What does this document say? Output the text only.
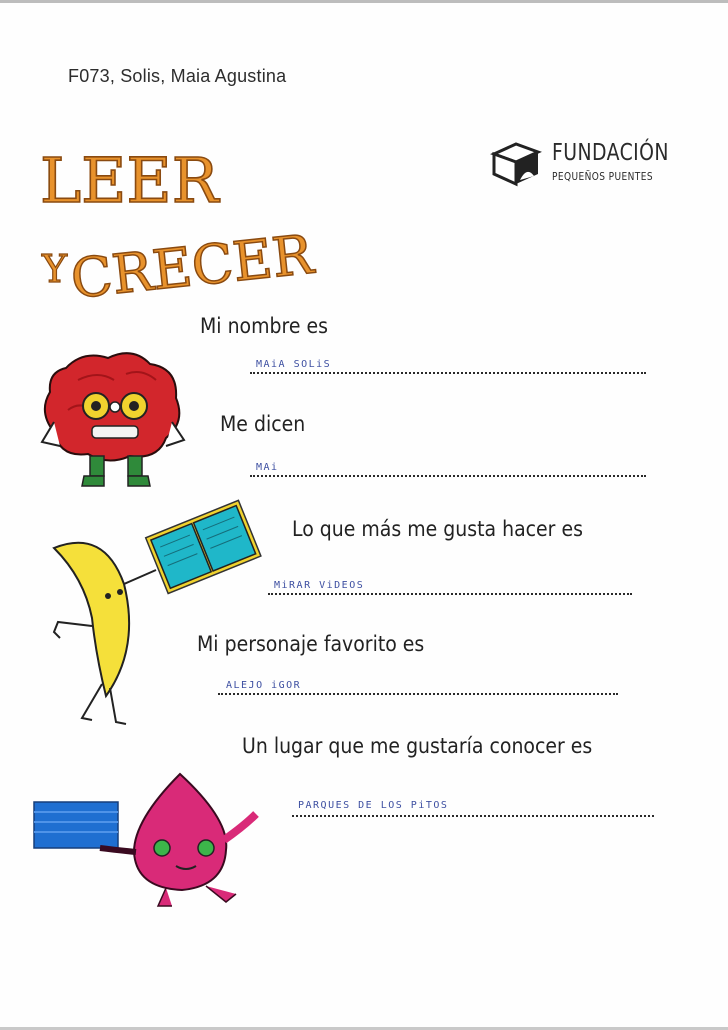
F073, Solis, Maia Agustina
LEER
Y CRECER
FUNDACIÓN
PEQUEÑOS PUENTES
Mi nombre es
MAiA SOLiS
Me dicen
MAi
Lo que más me gusta hacer es
MiRAR ViDEOS
Mi personaje favorito es
ALEJO iGOR
Un lugar que me gustaría conocer es
PARQUES DE LOS PiTOS
